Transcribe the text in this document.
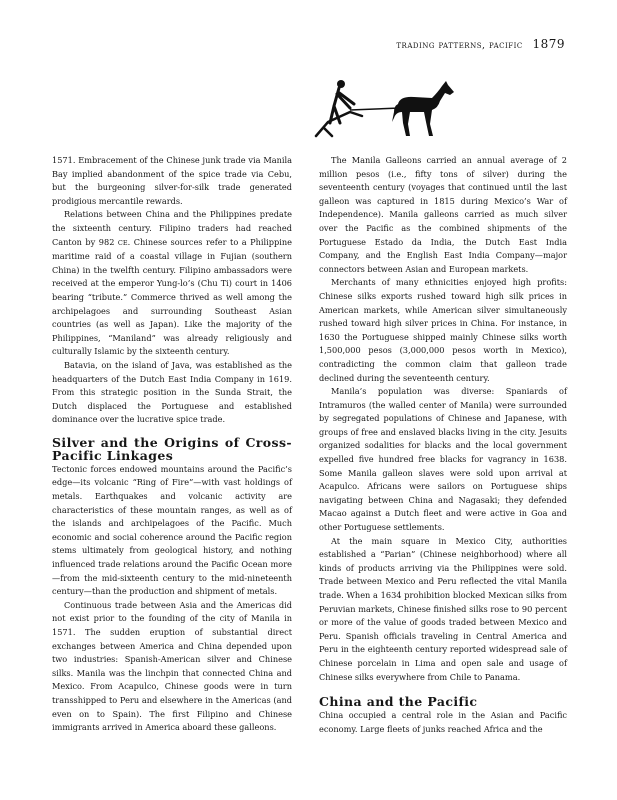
trading patterns, pacific 1879

1571. Embracement of the Chinese junk trade via Manila Bay implied abandonment of the spice trade via Cebu, but the burgeoning silver-for-silk trade generated prodigious mercantile rewards.

Relations between China and the Philippines predate the sixteenth century. Filipino traders had reached Canton by 982 CE. Chinese sources refer to a Philippine maritime raid of a coastal village in Fujian (southern China) in the twelfth century. Filipino ambassadors were received at the emperor Yung-lo’s (Chu Ti) court in 1406 bearing “tribute.” Commerce thrived as well among the archipelagoes and surrounding Southeast Asian countries (as well as Japan). Like the majority of the Philippines, “Maniland” was already religiously and culturally Islamic by the sixteenth century.

Batavia, on the island of Java, was established as the headquarters of the Dutch East India Company in 1619. From this strategic position in the Sunda Strait, the Dutch displaced the Portuguese and established dominance over the lucrative spice trade.

Silver and the Origins of Cross-Pacific Linkages

Tectonic forces endowed mountains around the Pacific’s edge—its volcanic “Ring of Fire”—with vast holdings of metals. Earthquakes and volcanic activity are characteristics of these mountain ranges, as well as of the islands and archipelagoes of the Pacific. Much economic and social coherence around the Pacific region stems ultimately from geological history, and nothing influenced trade relations around the Pacific Ocean more—from the mid-sixteenth century to the mid-nineteenth century—than the production and shipment of metals.

Continuous trade between Asia and the Americas did not exist prior to the founding of the city of Manila in 1571. The sudden eruption of substantial direct exchanges between America and China depended upon two industries: Spanish-American silver and Chinese silks. Manila was the linchpin that connected China and Mexico. From Acapulco, Chinese goods were in turn transshipped to Peru and elsewhere in the Americas (and even on to Spain). The first Filipino and Chinese immigrants arrived in America aboard these galleons.

The Manila Galleons carried an annual average of 2 million pesos (i.e., fifty tons of silver) during the seventeenth century (voyages that continued until the last galleon was captured in 1815 during Mexico’s War of Independence). Manila galleons carried as much silver over the Pacific as the combined shipments of the Portuguese Estado da India, the Dutch East India Company, and the English East India Company—major connectors between Asian and European markets.

Merchants of many ethnicities enjoyed high profits: Chinese silks exports rushed toward high silk prices in American markets, while American silver simultaneously rushed toward high silver prices in China. For instance, in 1630 the Portuguese shipped mainly Chinese silks worth 1,500,000 pesos (3,000,000 pesos worth in Mexico), contradicting the common claim that galleon trade declined during the seventeenth century.

Manila’s population was diverse: Spaniards of Intramuros (the walled center of Manila) were surrounded by segregated populations of Chinese and Japanese, with groups of free and enslaved blacks living in the city. Jesuits organized sodalities for blacks and the local government expelled five hundred free blacks for vagrancy in 1638. Some Manila galleon slaves were sold upon arrival at Acapulco. Africans were sailors on Portuguese ships navigating between China and Nagasaki; they defended Macao against a Dutch fleet and were active in Goa and other Portuguese settlements.

At the main square in Mexico City, authorities established a “Parian” (Chinese neighborhood) where all kinds of products arriving via the Philippines were sold. Trade between Mexico and Peru reflected the vital Manila trade. When a 1634 prohibition blocked Mexican silks from Peruvian markets, Chinese finished silks rose to 90 percent or more of the value of goods traded between Mexico and Peru. Spanish officials traveling in Central America and Peru in the eighteenth century reported widespread sale of Chinese porcelain in Lima and open sale and usage of Chinese silks everywhere from Chile to Panama.

China and the Pacific

China occupied a central role in the Asian and Pacific economy. Large fleets of junks reached Africa and the
